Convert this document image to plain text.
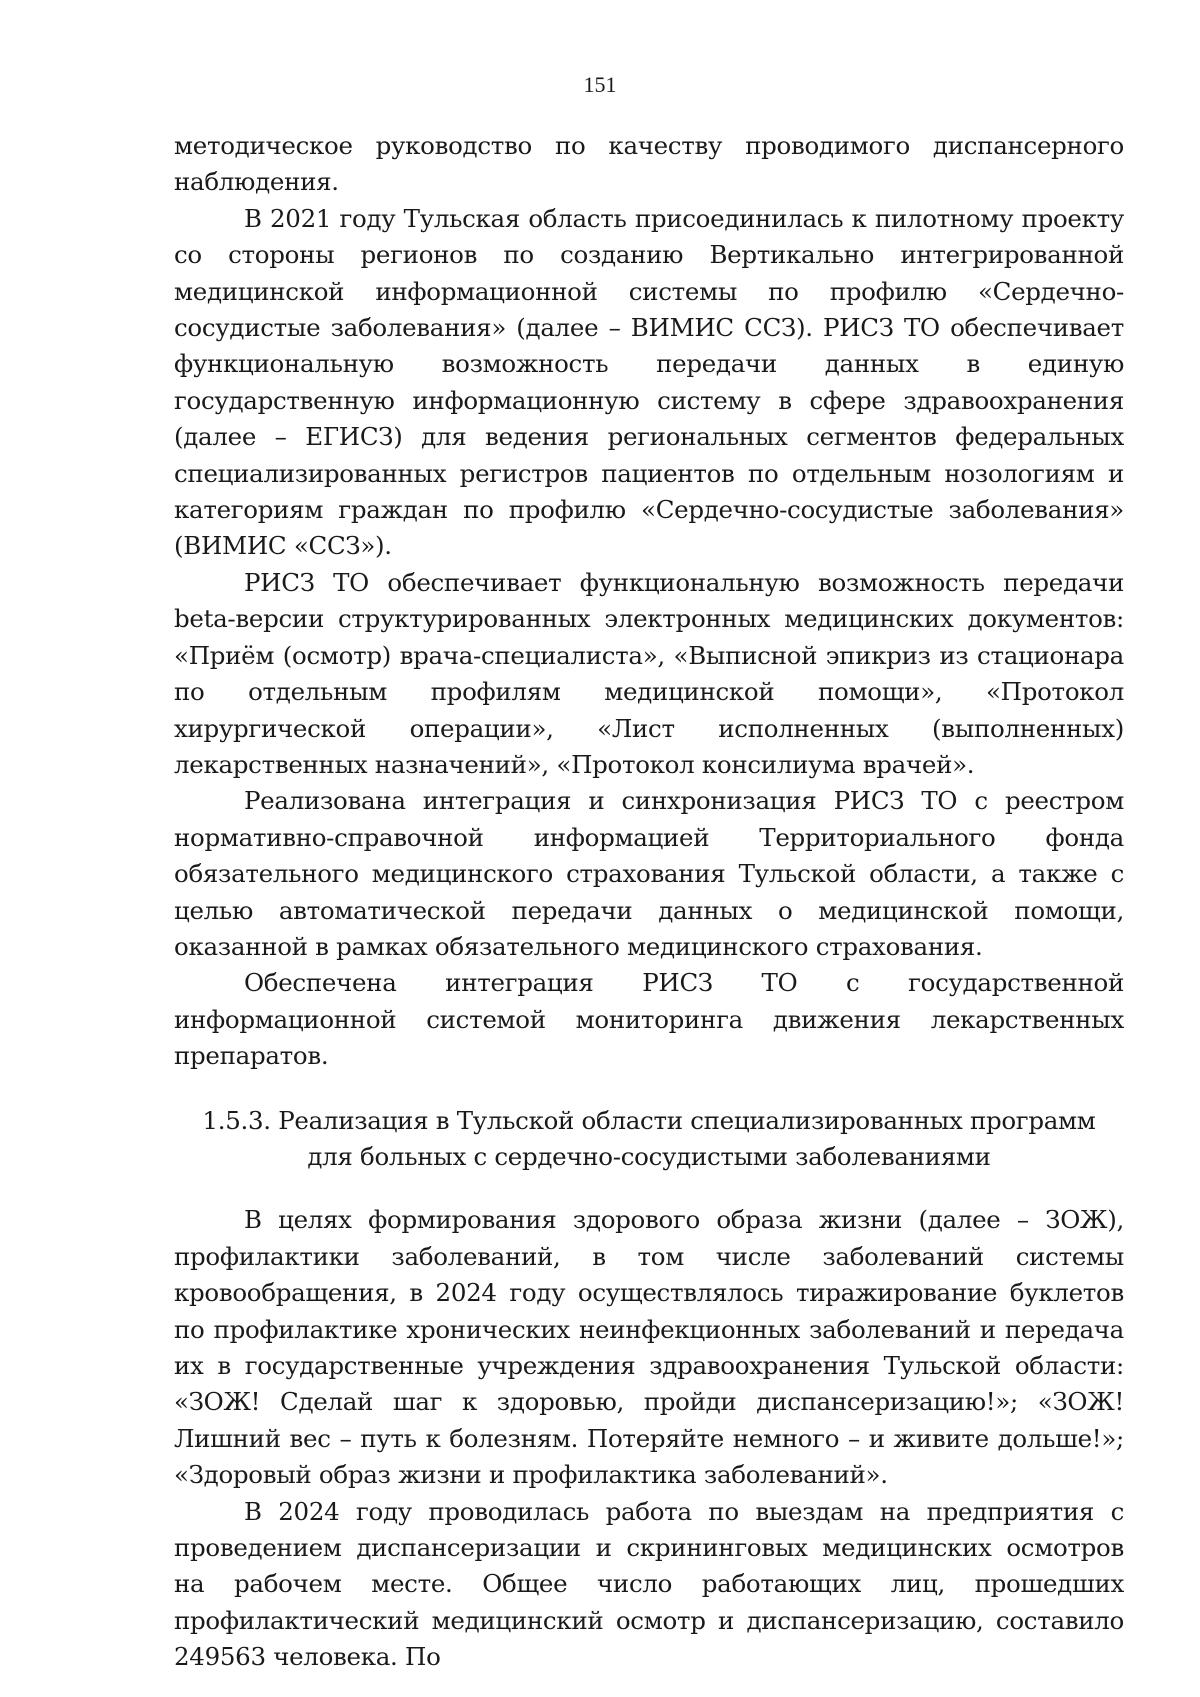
151

методическое руководство по качеству проводимого диспансерного наблюдения.

В 2021 году Тульская область присоединилась к пилотному проекту со стороны регионов по созданию Вертикально интегрированной медицинской информационной системы по профилю «Сердечно-сосудистые заболевания» (далее – ВИМИС ССЗ). РИСЗ ТО обеспечивает функциональную возможность передачи данных в единую государственную информационную систему в сфере здравоохранения (далее – ЕГИСЗ) для ведения региональных сегментов федеральных специализированных регистров пациентов по отдельным нозологиям и категориям граждан по профилю «Сердечно-сосудистые заболевания» (ВИМИС «ССЗ»).

РИСЗ ТО обеспечивает функциональную возможность передачи beta-версии структурированных электронных медицинских документов: «Приём (осмотр) врача-специалиста», «Выписной эпикриз из стационара по отдельным профилям медицинской помощи», «Протокол хирургической операции», «Лист исполненных (выполненных) лекарственных назначений», «Протокол консилиума врачей».

Реализована интеграция и синхронизация РИСЗ ТО с реестром нормативно-справочной информацией Территориального фонда обязательного медицинского страхования Тульской области, а также с целью автоматической передачи данных о медицинской помощи, оказанной в рамках обязательного медицинского страхования.

Обеспечена интеграция РИСЗ ТО с государственной информационной системой мониторинга движения лекарственных препаратов.

1.5.3. Реализация в Тульской области специализированных программ

для больных с сердечно-сосудистыми заболеваниями

В целях формирования здорового образа жизни (далее – ЗОЖ), профилактики заболеваний, в том числе заболеваний системы кровообращения, в 2024 году осуществлялось тиражирование буклетов по профилактике хронических неинфекционных заболеваний и передача их в государственные учреждения здравоохранения Тульской области: «ЗОЖ! Сделай шаг к здоровью, пройди диспансеризацию!»; «ЗОЖ! Лишний вес – путь к болезням. Потеряйте немного – и живите дольше!»; «Здоровый образ жизни и профилактика заболеваний».

В 2024 году проводилась работа по выездам на предприятия с проведением диспансеризации и скрининговых медицинских осмотров на рабочем месте. Общее число работающих лиц, прошедших профилактический медицинский осмотр и диспансеризацию, составило 249563 человека. По
